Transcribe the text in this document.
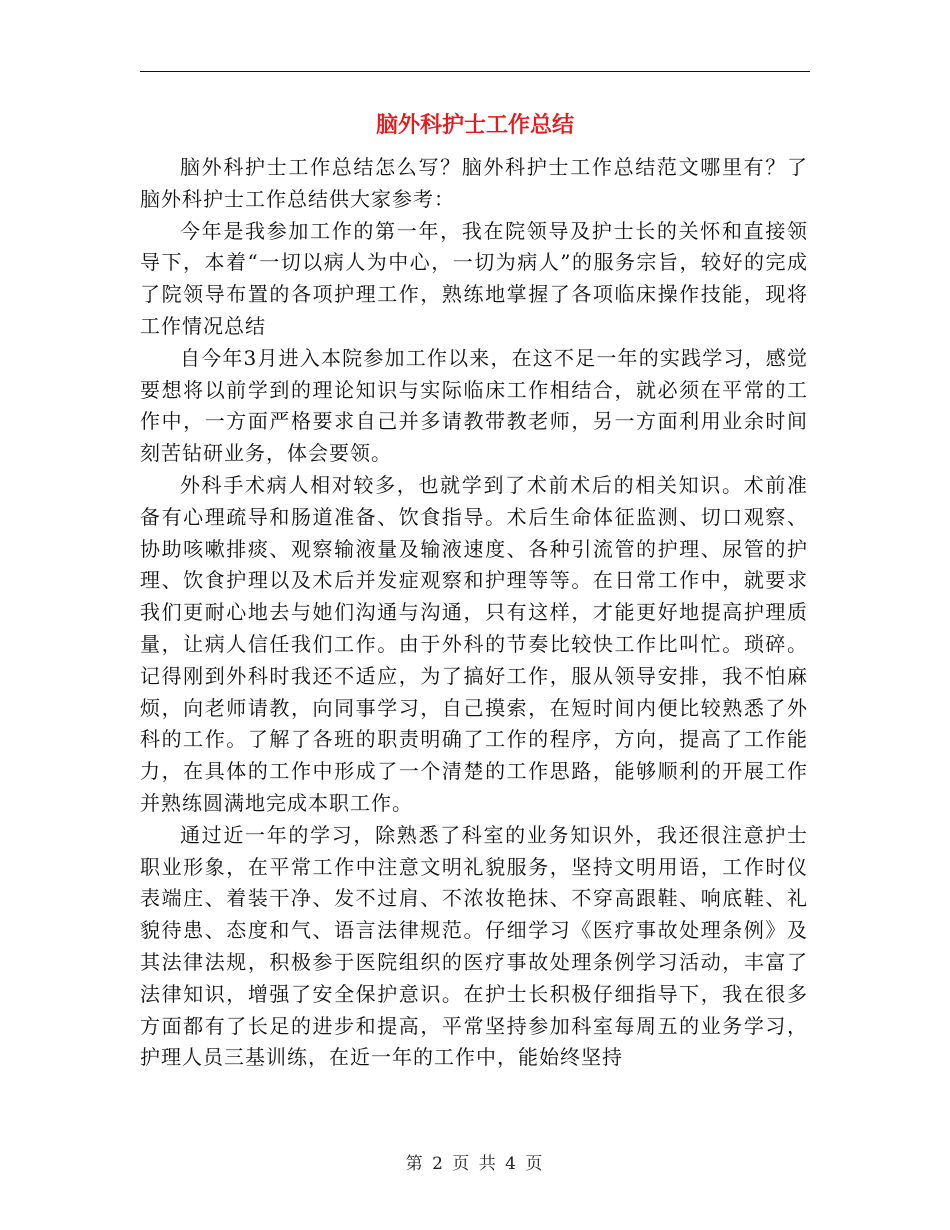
脑外科护士工作总结

脑外科护士工作总结怎么写？脑外科护士工作总结范文哪里有？了脑外科护士工作总结供大家参考：

今年是我参加工作的第一年，我在院领导及护士长的关怀和直接领导下，本着“一切以病人为中心，一切为病人”的服务宗旨，较好的完成了院领导布置的各项护理工作，熟练地掌握了各项临床操作技能，现将工作情况总结

自今年3月进入本院参加工作以来，在这不足一年的实践学习，感觉要想将以前学到的理论知识与实际临床工作相结合，就必须在平常的工作中，一方面严格要求自己并多请教带教老师，另一方面利用业余时间刻苦钻研业务，体会要领。

外科手术病人相对较多，也就学到了术前术后的相关知识。术前准备有心理疏导和肠道准备、饮食指导。术后生命体征监测、切口观察、协助咳嗽排痰、观察输液量及输液速度、各种引流管的护理、尿管的护理、饮食护理以及术后并发症观察和护理等等。在日常工作中，就要求我们更耐心地去与她们沟通与沟通，只有这样，才能更好地提高护理质量，让病人信任我们工作。由于外科的节奏比较快工作比叫忙。琐碎。记得刚到外科时我还不适应，为了搞好工作，服从领导安排，我不怕麻烦，向老师请教，向同事学习，自己摸索，在短时间内便比较熟悉了外科的工作。了解了各班的职责明确了工作的程序，方向，提高了工作能力，在具体的工作中形成了一个清楚的工作思路，能够顺利的开展工作并熟练圆满地完成本职工作。

通过近一年的学习，除熟悉了科室的业务知识外，我还很注意护士职业形象，在平常工作中注意文明礼貌服务，坚持文明用语，工作时仪表端庄、着装干净、发不过肩、不浓妆艳抹、不穿高跟鞋、响底鞋、礼貌待患、态度和气、语言法律规范。仔细学习《医疗事故处理条例》及其法律法规，积极参于医院组织的医疗事故处理条例学习活动，丰富了法律知识，增强了安全保护意识。在护士长积极仔细指导下，我在很多方面都有了长足的进步和提高，平常坚持参加科室每周五的业务学习，护理人员三基训练，在近一年的工作中，能始终坚持

第 2 页 共 4 页
